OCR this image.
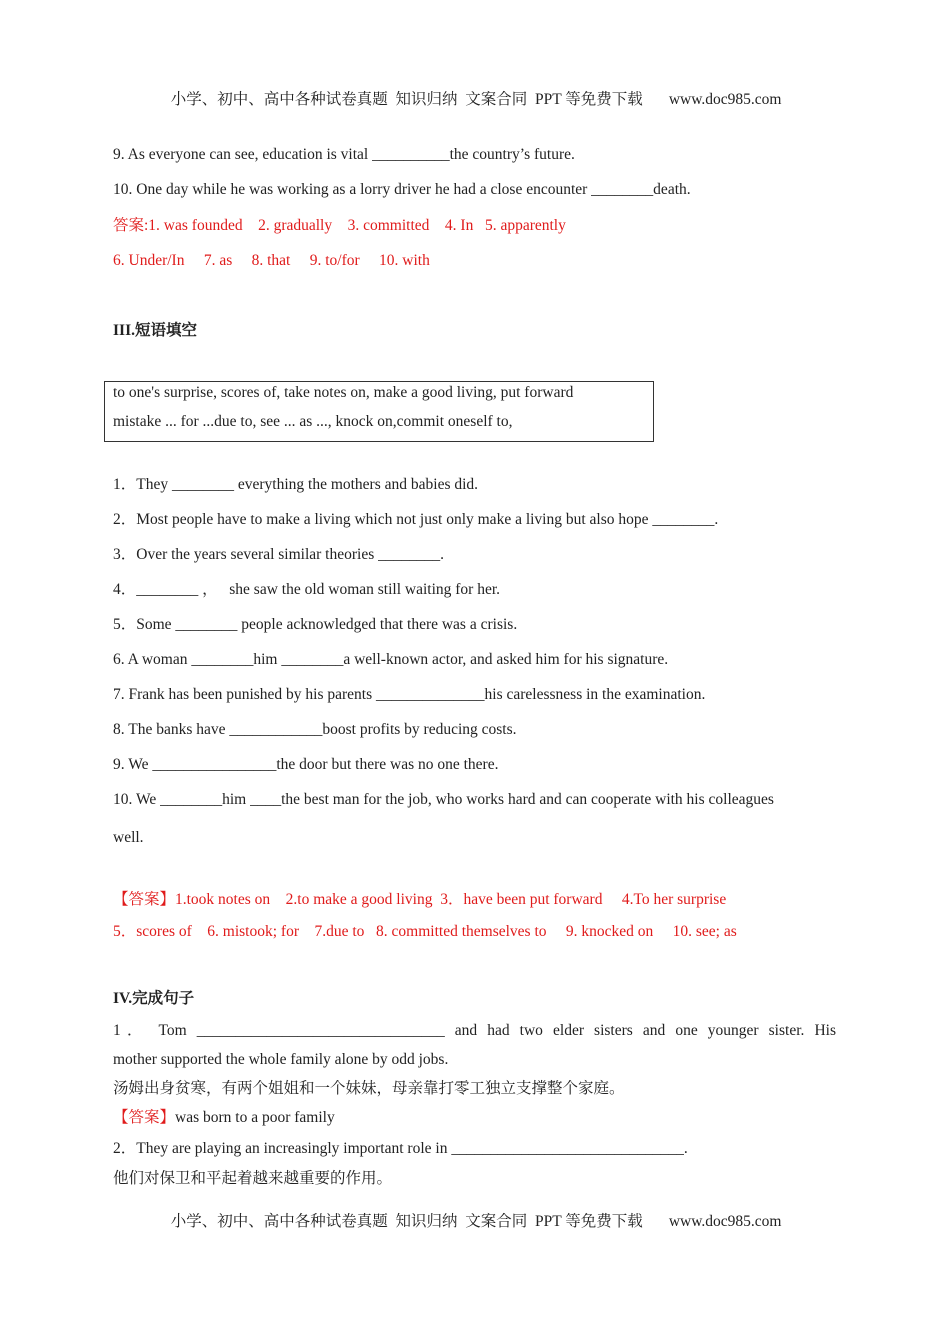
小学、初中、高中各种试卷真题  知识归纳  文案合同  PPT 等免费下载 www.doc985.com

9. As everyone can see, education is vital __________the country’s future.
10. One day while he was working as a lorry driver he had a close encounter ________death.
答案:1. was founded    2. gradually    3. committed    4. In   5. apparently
6. Under/In     7. as     8. that     9. to/for     10. with
III.短语填空
to one's surprise, scores of, take notes on, make a good living, put forward
mistake ... for ...due to, see ... as ..., knock on,commit oneself to,
1．They ________ everything the mothers and babies did.
2．Most people have to make a living which not just only make a living but also hope ________.
3．Over the years several similar theories ________.
4．________ ，   she saw the old woman still waiting for her.
5．Some ________ people acknowledged that there was a crisis.
6. A woman ________him ________a well-known actor, and asked him for his signature.
7. Frank has been punished by his parents ______________his carelessness in the examination.
8. The banks have ____________boost profits by reducing costs.
9. We ________________the door but there was no one there.
10. We ________him ____the best man for the job, who works hard and can cooperate with his colleagues
well.
【答案】1.took notes on    2.to make a good living  3．have been put forward     4.To her surprise
5．scores of    6. mistook; for    7.due to   8. committed themselves to     9. knocked on     10. see; as
IV.完成句子
1． Tom ________________________________ and had two elder sisters and one younger sister. His
mother supported the whole family alone by odd jobs.
汤姆出身贫寒，有两个姐姐和一个妹妹，母亲靠打零工独立支撑整个家庭。
【答案】was born to a poor family
2．They are playing an increasingly important role in ______________________________.
他们对保卫和平起着越来越重要的作用。

小学、初中、高中各种试卷真题  知识归纳  文案合同  PPT 等免费下载 www.doc985.com
